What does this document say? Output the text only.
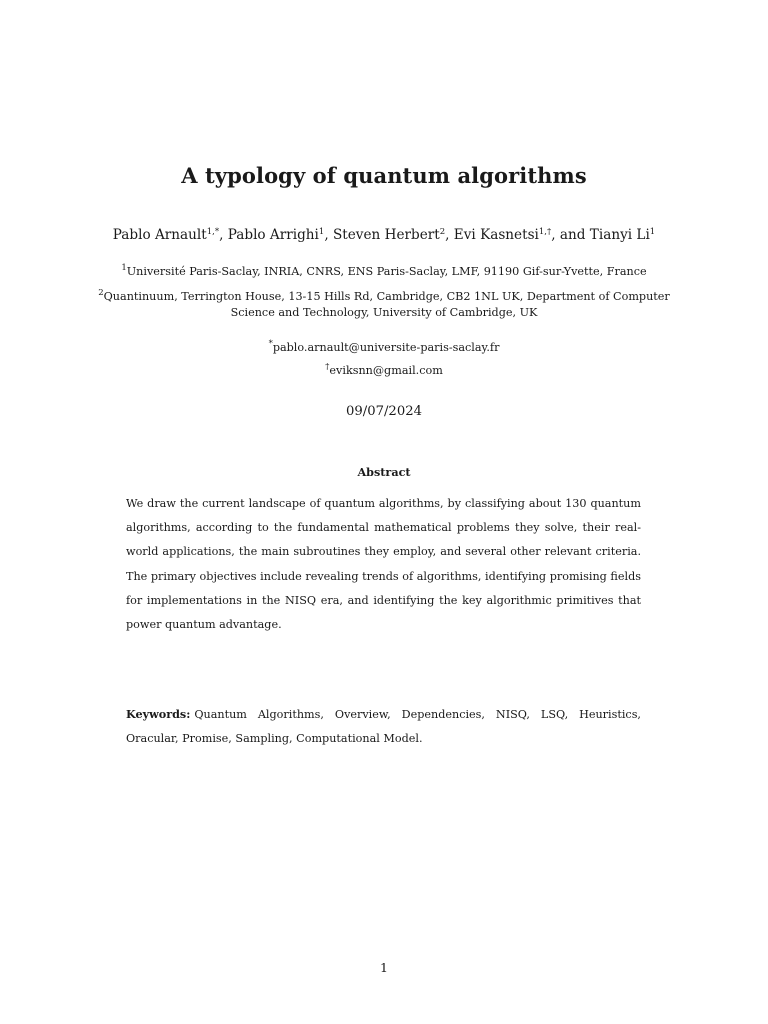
A typology of quantum algorithms
Pablo Arnault$^{1,*}$, Pablo Arrighi$^1$, Steven Herbert$^2$, Evi Kasnetsi$^{1,\dagger}$, and Tianyi Li$^1$
$^1$Université Paris-Saclay, INRIA, CNRS, ENS Paris-Saclay, LMF, 91190 Gif-sur-Yvette, France
$^2$Quantinuum, Terrington House, 13-15 Hills Rd, Cambridge, CB2 1NL UK, Department of Computer Science and Technology, University of Cambridge, UK
*pablo.arnault@universite-paris-saclay.fr
†eviksnn@gmail.com
09/07/2024
Abstract
We draw the current landscape of quantum algorithms, by classifying about 130 quantum algorithms, according to the fundamental mathematical problems they solve, their real-world applications, the main subroutines they employ, and several other relevant criteria. The primary objectives include revealing trends of algorithms, identifying promising fields for implementations in the NISQ era, and identifying the key algorithmic primitives that power quantum advantage.
Keywords: Quantum Algorithms, Overview, Dependencies, NISQ, LSQ, Heuristics, Oracular, Promise, Sampling, Computational Model.
1
